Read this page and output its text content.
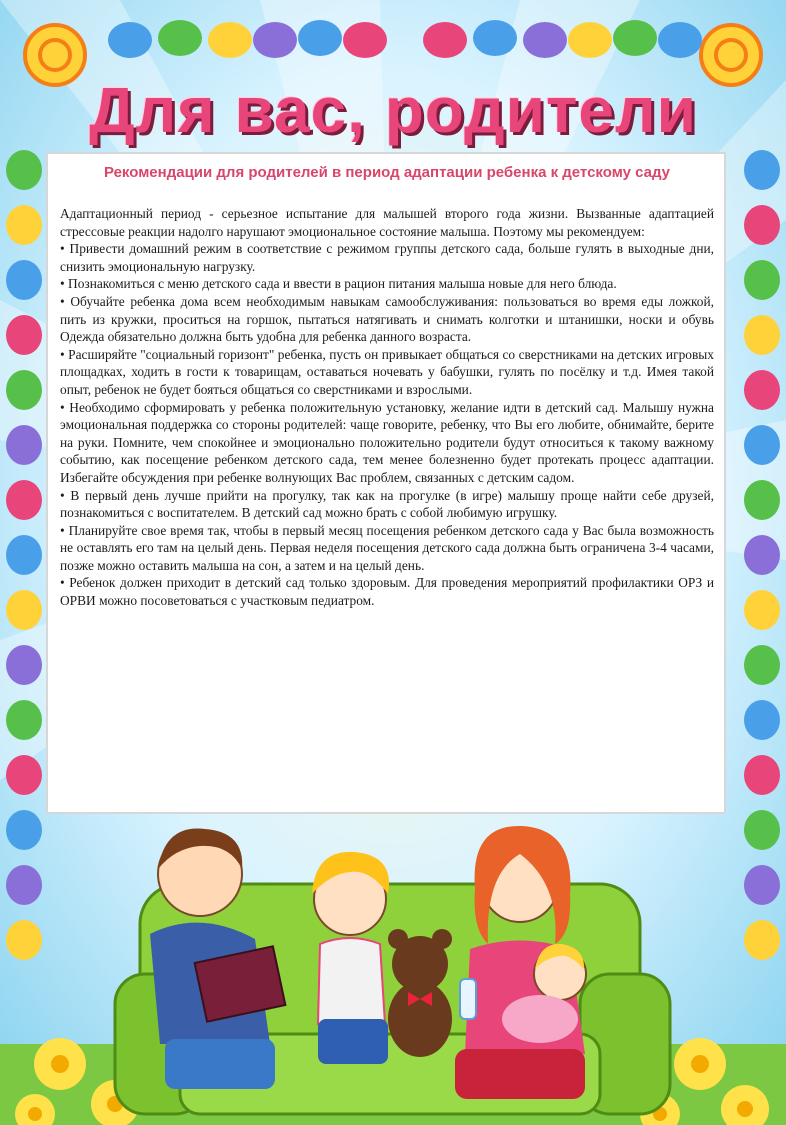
Для вас, родители
Рекомендации для родителей в период адаптации ребенка к детскому саду

Адаптационный период - серьезное испытание для малышей второго года жизни. Вызванные адаптацией стрессовые реакции надолго нарушают эмоциональное состояние малыша. Поэтому мы рекомендуем:

• Привести домашний режим в соответствие с режимом группы детского сада, больше гулять в выходные дни, снизить эмоциональную нагрузку.

• Познакомиться с меню детского сада и ввести в рацион питания малыша новые для него блюда.

• Обучайте ребенка дома всем необходимым навыкам самообслуживания: пользоваться во время еды ложкой, пить из кружки, проситься на горшок, пытаться натягивать и снимать колготки и штанишки, носки и обувь Одежда обязательно должна быть удобна для ребенка данного возраста.

• Расширяйте "социальный горизонт" ребенка, пусть он привыкает общаться со сверстниками на детских игровых площадках, ходить в гости к товарищам, оставаться ночевать у бабушки, гулять по посёлку и т.д. Имея такой опыт, ребенок не будет бояться общаться со сверстниками и взрослыми.

• Необходимо сформировать у ребенка положительную установку, желание идти в детский сад. Малышу нужна эмоциональная поддержка со стороны родителей: чаще говорите, ребенку, что Вы его любите, обнимайте, берите на руки. Помните, чем спокойнее и эмоционально положительно родители будут относиться к такому важному событию, как посещение ребенком детского сада, тем менее болезненно будет протекать процесс адаптации. Избегайте обсуждения при ребенке волнующих Вас проблем, связанных с детским садом.

• В первый день лучше прийти на прогулку, так как на прогулке (в игре) малышу проще найти себе друзей, познакомиться с воспитателем. В детский сад можно брать с собой любимую игрушку.

• Планируйте свое время так, чтобы в первый месяц посещения ребенком детского сада у Вас была возможность не оставлять его там на целый день. Первая неделя посещения детского сада должна быть ограничена 3-4 часами, позже можно оставить малыша на сон, а затем и на целый день.

• Ребенок должен приходит в детский сад только здоровым. Для проведения мероприятий профилактики ОРЗ и ОРВИ можно посоветоваться с участковым педиатром.
